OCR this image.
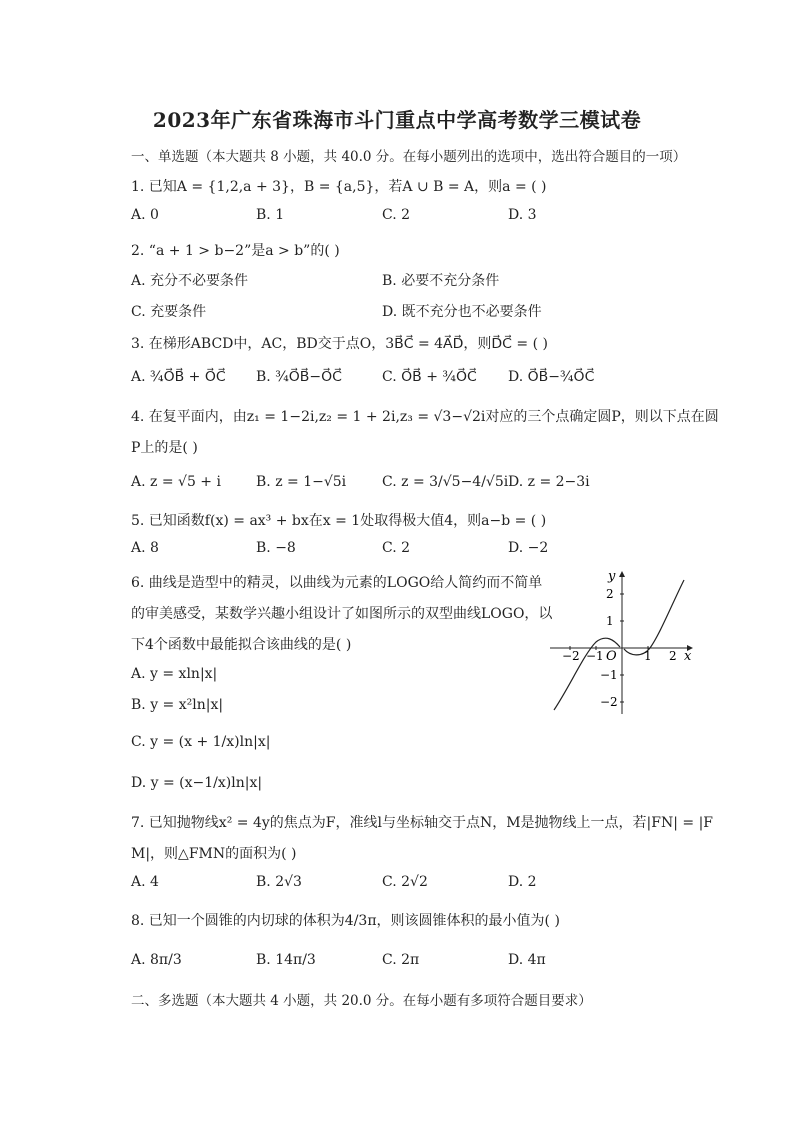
2023年广东省珠海市斗门重点中学高考数学三模试卷
一、单选题（本大题共 8 小题，共 40.0 分。在每小题列出的选项中，选出符合题目的一项）
1. 已知A = {1,2,a + 3}，B = {a,5}，若A ∪ B = A，则a = ( )
A. 0	B. 1	C. 2	D. 3
2. “a + 1 > b−2”是a > b”的( )
A. 充分不必要条件	B. 必要不充分条件
C. 充要条件	D. 既不充分也不必要条件
3. 在梯形ABCD中，AC，BD交于点O，3B⃗C⃗ = 4A⃗D⃗，则D⃗C⃗ = ( )
A. ¾O⃗B⃗ + O⃗C⃗ B. ¾O⃗B⃗−O⃗C⃗	C. O⃗B⃗ + ¾O⃗C⃗ D. O⃗B⃗−¾O⃗C⃗
4. 在复平面内，由z₁ = 1−2i,z₂ = 1 + 2i,z₃ = √3−√2i对应的三个点确定圆P，则以下点在圆
P上的是( )
A. z = √5 + i	B. z = 1−√5i	C. z = 3/√5−4/√5i D. z = 2−3i
5. 已知函数f(x) = ax³ + bx在x = 1处取得极大值4，则a−b = ( )
A. 8	B. −8	C. 2	D. −2
6. 曲线是造型中的精灵，以曲线为元素的LOGO给人简约而不简单
的审美感受，某数学兴趣小组设计了如图所示的双型曲线LOGO，以
下4个函数中最能拟合该曲线的是( )
A. y = xln|x|
B. y = x²ln|x|
C. y = (x + 1/x)ln|x|
D. y = (x−1/x)ln|x|
x
y
O
−2 −1	1 2
2
1
−1
−2
7. 已知抛物线x² = 4y的焦点为F，准线l与坐标轴交于点N，M是抛物线上一点，若|FN| = |F
M|，则△FMN的面积为( )
A. 4	B. 2√3	C. 2√2	D. 2
8. 已知一个圆锥的内切球的体积为4/3π，则该圆锥体积的最小值为( )
A. 8π/3	B. 14π/3	C. 2π	D. 4π
二、多选题（本大题共 4 小题，共 20.0 分。在每小题有多项符合题目要求）
